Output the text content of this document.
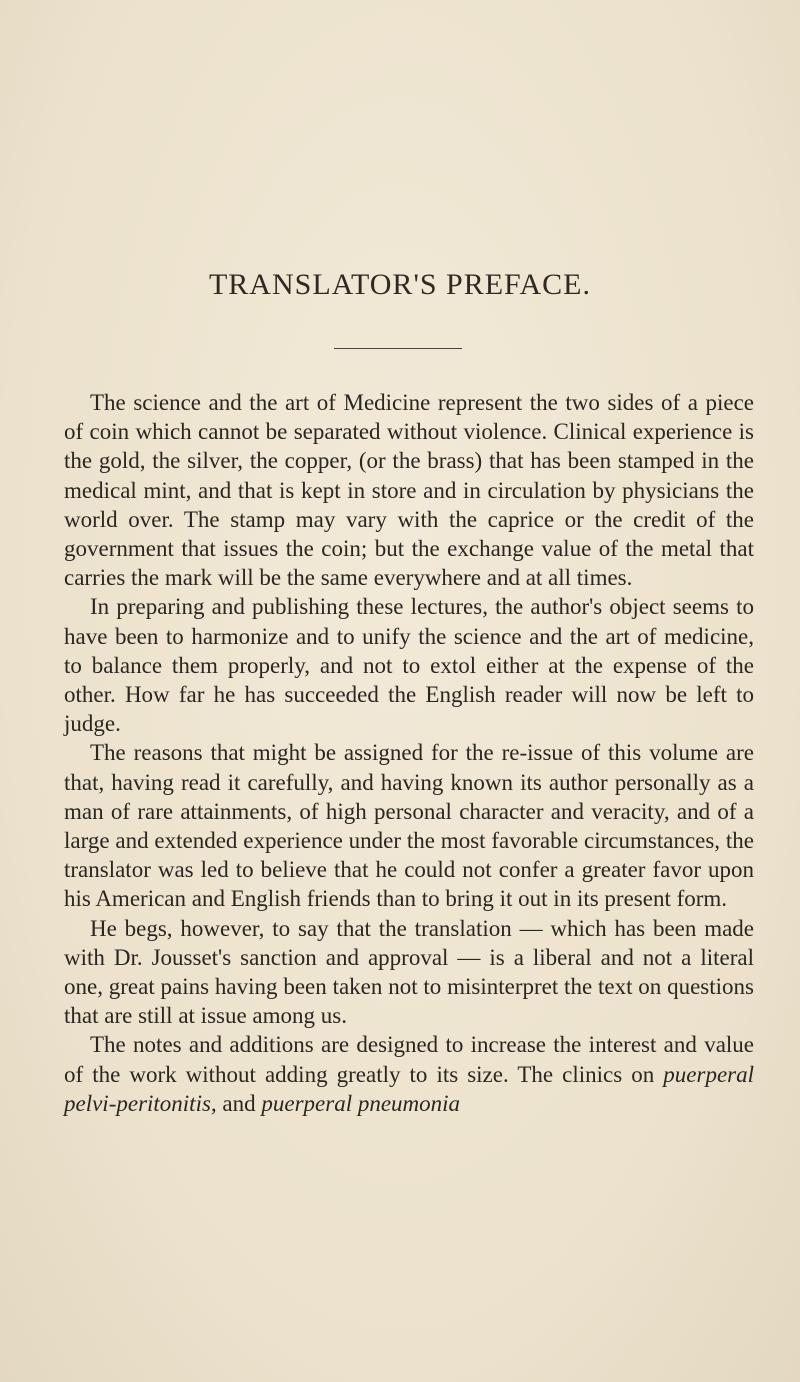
TRANSLATOR'S PREFACE.

The science and the art of Medicine represent the two sides of a piece of coin which cannot be separated without violence. Clinical experience is the gold, the silver, the copper, (or the brass) that has been stamped in the medical mint, and that is kept in store and in circulation by physicians the world over. The stamp may vary with the caprice or the credit of the government that issues the coin; but the exchange value of the metal that carries the mark will be the same everywhere and at all times.

In preparing and publishing these lectures, the author's object seems to have been to harmonize and to unify the science and the art of medicine, to balance them properly, and not to extol either at the expense of the other. How far he has succeeded the English reader will now be left to judge.

The reasons that might be assigned for the re-issue of this volume are that, having read it carefully, and having known its author personally as a man of rare attainments, of high personal character and veracity, and of a large and extended experience under the most favorable circumstances, the translator was led to believe that he could not confer a greater favor upon his American and English friends than to bring it out in its present form.

He begs, however, to say that the translation — which has been made with Dr. Jousset's sanction and approval — is a liberal and not a literal one, great pains having been taken not to misinterpret the text on questions that are still at issue among us.

The notes and additions are designed to increase the interest and value of the work without adding greatly to its size. The clinics on puerperal pelvi-peritonitis, and puerperal pneumonia
